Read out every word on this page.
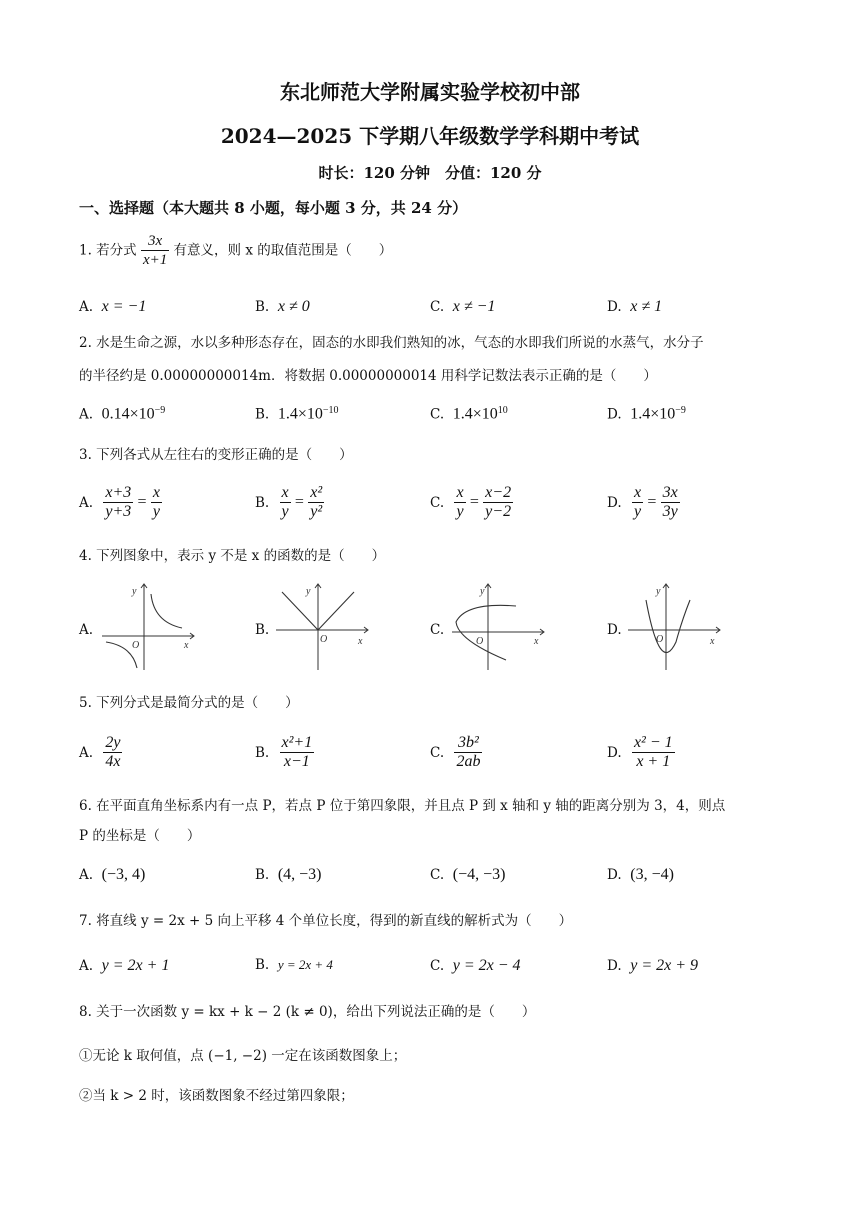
东北师范大学附属实验学校初中部
2024—2025 下学期八年级数学学科期中考试
时长：120 分钟　分值：120 分
一、选择题（本大题共 8 小题，每小题 3 分，共 24 分）
1. 若分式 $\frac{3x}{x+1}$ 有意义，则 x 的取值范围是（　　）
A. x = −1	B. x ≠ 0	C. x ≠ −1	D. x ≠ 1
2. 水是生命之源，水以多种形态存在，固态的水即我们熟知的冰，气态的水即我们所说的水蒸气，水分子
的半径约是 0.00000000014m．将数据 0.00000000014 用科学记数法表示正确的是（　　）
A. $0.14\times 10^{-9}$	B. $1.4\times 10^{-10}$	C. $1.4\times 10^{10}$	D. $1.4\times 10^{-9}$
3. 下列各式从左往右的变形正确的是（　　）
A. $\frac{x+3}{y+3} = \frac{x}{y}$	B. $\frac{x}{y} = \frac{\text{x²}}{\text{y²}}$	C. $\frac{x}{y} = \frac{x-2}{y-2}$	D. $\frac{x}{y} = \frac{3x}{3y}$
4. 下列图象中，表示 y 不是 x 的函数的是（　　）
A.
y
x
O
B.
y
x
O
C.
y
x
O
D.
y
x
O
5. 下列分式是最简分式的是（　　）
A. $\frac{2y}{4x}$	B. $\frac{\text{x²+1}}{x-1}$	C. $\frac{\text{3b²}}{2ab}$	D. $\frac{\text{x² − 1}}{x + 1}$
6. 在平面直角坐标系内有一点 P，若点 P 位于第四象限，并且点 P 到 x 轴和 y 轴的距离分别为 3，4，则点
P 的坐标是（　　）
A. (−3, 4)	B. (4, −3)	C. (−4, −3)	D. (3, −4)
7. 将直线 y = 2x + 5 向上平移 4 个单位长度，得到的新直线的解析式为（　　）
A. y = 2x + 1	B. y = 2x + 4	C. y = 2x − 4	D. y = 2x + 9
8. 关于一次函数 y = kx + k − 2 (k ≠ 0)，给出下列说法正确的是（　　）
①无论 k 取何值，点 (−1, −2) 一定在该函数图象上；
②当 k > 2 时，该函数图象不经过第四象限；
